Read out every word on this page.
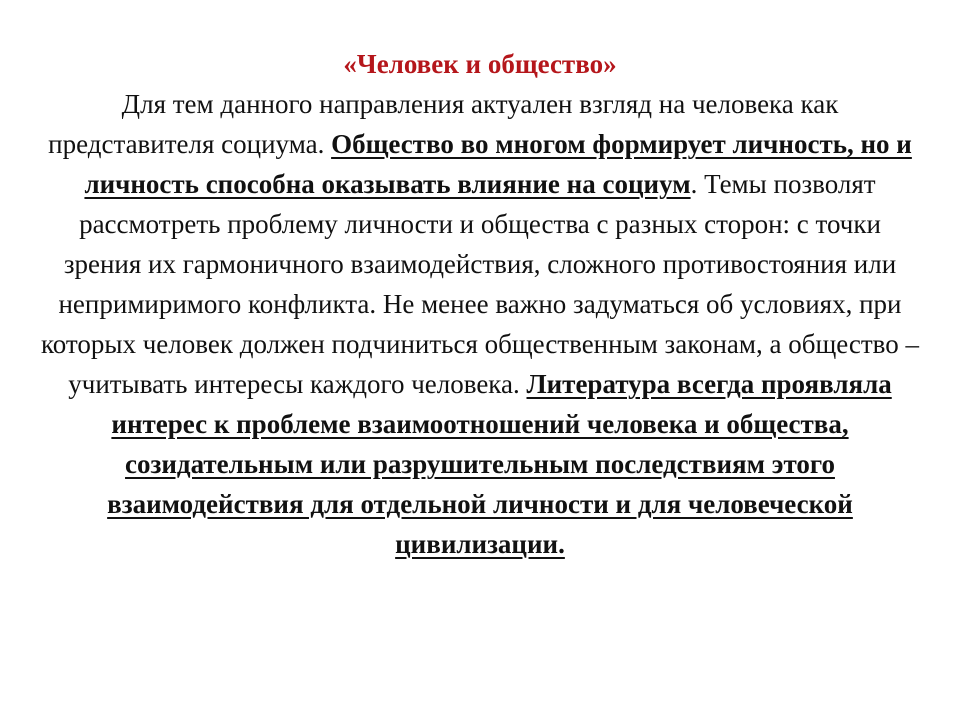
«Человек и общество»

Для тем данного направления актуален взгляд на человека как представителя социума. Общество во многом формирует личность, но и личность способна оказывать влияние на социум. Темы позволят рассмотреть проблему личности и общества с разных сторон: с точки зрения их гармоничного взаимодействия, сложного противостояния или непримиримого конфликта. Не менее важно задуматься об условиях, при которых человек должен подчиниться общественным законам, а общество – учитывать интересы каждого человека. Литература всегда проявляла интерес к проблеме взаимоотношений человека и общества, созидательным или разрушительным последствиям этого взаимодействия для отдельной личности и для человеческой цивилизации.
